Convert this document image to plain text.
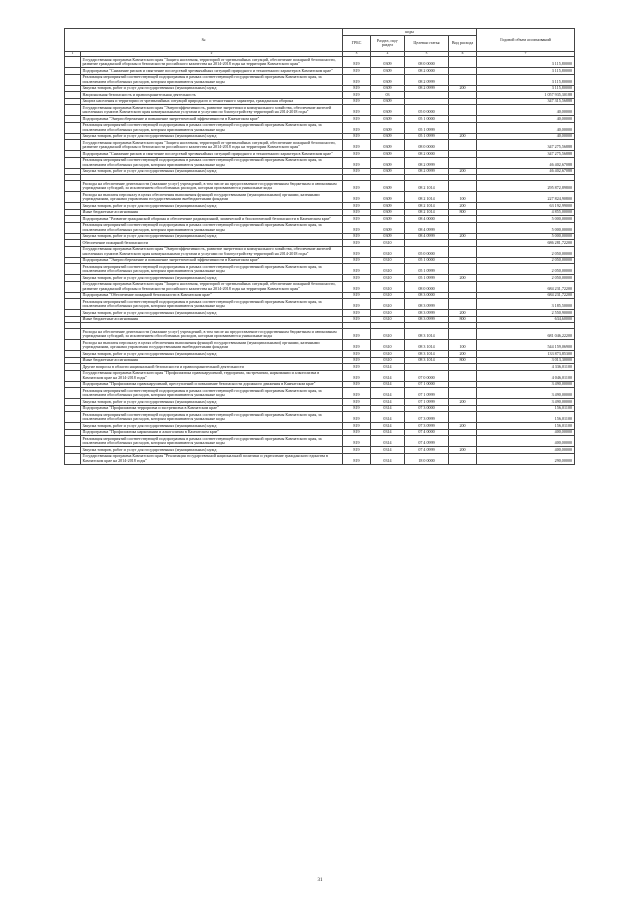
№		коды				Годовой объем ассигнований
		ГРБС	Раздел, под-раздел	Целевая статья	Вид расхода	
1	2	3	4	5	6	7
	Государственная программа Камчатского края "Защита населения, территорий от чрезвычайных ситуаций, обеспечение пожарной безопасности, развитие гражданской обороны и безопасности российского казачества на 2014-2018 годы на территории Камчатского края"	819	0309	08 0 0000		3 115,80000
	Подпрограмма "Снижение рисков и смягчение последствий чрезвычайных ситуаций природного и техногенного характера в Камчатском крае"	819	0309	08 2 0000		3 115,80000
	Реализация мероприятий соответствующей подпрограммы в рамках соответствующей государственной программы Камчатского края, за исключением обособленных расходов, которым присваиваются уникальные коды	819	0309	08 2 0999		3 115,80000
	Закупка товаров, работ и услуг для государственных (муниципальных) нужд	819	0309	08 2 0999	200	3 115,80000
	Национальная безопасность и правоохранительная деятельность	819	03			1 057 935,30188
	Защита населения и территории от чрезвычайных ситуаций природного и техногенного характера, гражданская оборона	819	0309			347 315,56888
	Государственная программа Камчатского края "Энергоэффективность, развитие энергетики и коммунального хозяйства, обеспечение жителей населенных пунктов Камчатского края коммунальными услугами и услугами по благоустройству территорий на 2014-2018 годы"	819	0309	05 0 0000		40,00000
	Подпрограмма "Энергосбережение и повышение энергетической эффективности в Камчатском крае"	819	0309	05 1 0000		40,00000
	Реализация мероприятий соответствующей подпрограммы в рамках соответствующей государственной программы Камчатского края, за исключением обособленных расходов, которым присваиваются уникальные коды	819	0309	05 1 0999		40,00000
	Закупка товаров, работ и услуг для государственных (муниципальных) нужд	819	0309	05 1 0999	200	40,00000
	Государственная программа Камчатского края "Защита населения, территорий от чрезвычайных ситуаций, обеспечение пожарной безопасности, развитие гражданской обороны и безопасности российского казачества на 2014-2018 годы на территории Камчатского края"	819	0309	08 0 0000		347 275,56888
	Подпрограмма "Снижение рисков и смягчение последствий чрезвычайных ситуаций природного и техногенного характера в Камчатском крае"	819	0309	08 2 0000		347 275,56888
	Реализация мероприятий соответствующей подпрограммы в рамках соответствующей государственной программы Камчатского края, за исключением обособленных расходов, которым присваиваются уникальные коды	819	0309	08 2 0999		46 402,67088
	Закупка товаров, работ и услуг для государственных (муниципальных) нужд	819	0309	08 2 0999	200	46 402,67088

	Расходы на обеспечение деятельности (оказание услуг) учреждений, в том числе на предоставление государственным бюджетным и автономным учреждениям субсидий, за исключением обособленных расходов, которым присваиваются уникальные коды	819	0309	08 2 1014		295 872,89800
	Расходы на выплаты персоналу в целях обеспечения выполнения функций государственными (муниципальными) органами, казенными учреждениями, органами управления государственными внебюджетными фондами	819	0309	08 2 1014	100	227 824,90800
	Закупка товаров, работ и услуг для государственных (муниципальных) нужд	819	0309	08 2 1014	200	63 192,99000
	Иные бюджетные ассигнования	819	0309	08 2 1014	800	4 855,00000
	Подпрограмма "Развитие гражданской обороны и обеспечение радиационной, химической и биологической безопасности в Камчатском крае"	819	0309	08 4 0000		5 000,00000
	Реализация мероприятий соответствующей подпрограммы в рамках соответствующей государственной программы Камчатского края, за исключением обособленных расходов, которым присваиваются уникальные коды	819	0309	08 4 0999		5 000,00000
	Закупка товаров, работ и услуг для государственных (муниципальных) нужд	819	0309	08 4 0999	200	5 000,00000
	Обеспечение пожарной безопасности	819	0310			686 281,72200
	Государственная программа Камчатского края "Энергоэффективность, развитие энергетики и коммунального хозяйства, обеспечение жителей населенных пунктов Камчатского края коммунальными услугами и услугами по благоустройству территорий на 2014-2018 годы"	819	0310	05 0 0000		2 050,00000
	Подпрограмма "Энергосбережение и повышение энергетической эффективности в Камчатском крае"	819	0310	05 1 0000		2 050,00000
	Реализация мероприятий соответствующей подпрограммы в рамках соответствующей государственной программы Камчатского края, за исключением обособленных расходов, которым присваиваются уникальные коды	819	0310	05 1 0999		2 050,00000
	Закупка товаров, работ и услуг для государственных (муниципальных) нужд	819	0310	05 1 0999	200	2 050,00000
	Государственная программа Камчатского края "Защита населения, территорий от чрезвычайных ситуаций, обеспечение пожарной безопасности, развитие гражданской обороны и безопасности российского казачества на 2014-2018 годы на территории Камчатского края"	819	0310	08 0 0000		684 231,72200
	Подпрограмма "Обеспечение пожарной безопасности в Камчатском крае"	819	0310	08 3 0000		684 231,72200
	Реализация мероприятий соответствующей подпрограммы в рамках соответствующей государственной программы Камчатского края, за исключением обособленных расходов, которым присваиваются уникальные коды	819	0310	08 3 0999		3 185,50000
	Закупка товаров, работ и услуг для государственных (муниципальных) нужд	819	0310	08 3 0999	200	2 550,90000
	Иные бюджетные ассигнования	819	0310	08 3 0999	800	634,60000

	Расходы на обеспечение деятельности (оказание услуг) учреждений, в том числе на предоставление государственным бюджетным и автономным учреждениям субсидий, за исключением обособленных расходов, которым присваиваются уникальные коды	819	0310	08 3 1014		681 046,22200
	Расходы на выплаты персоналу в целях обеспечения выполнения функций государственными (муниципальными) органами, казенными учреждениями, органами управления государственными внебюджетными фондами	819	0310	08 3 1014	100	544 159,06900
	Закупка товаров, работ и услуг для государственных (муниципальных) нужд	819	0310	08 3 1014	200	133 873,85300
	Иные бюджетные ассигнования	819	0310	08 3 1014	800	3 013,30000
	Другие вопросы в области национальной безопасности и правоохранительной деятельности	819	0314			4 336,01100
	Государственная программа Камчатского края "Профилактика правонарушений, терроризма, экстремизма, наркомании и алкоголизма в Камчатском крае на 2014-2018 годы"	819	0314	07 0 0000		4 046,01100
	Подпрограмма "Профилактика правонарушений, преступлений и повышение безопасности дорожного движения в Камчатском крае"	819	0314	07 1 0000		3 490,00000
	Реализация мероприятий соответствующей подпрограммы в рамках соответствующей государственной программы Камчатского края, за исключением обособленных расходов, которым присваиваются уникальные коды	819	0314	07 1 0999		3 490,00000
	Закупка товаров, работ и услуг для государственных (муниципальных) нужд	819	0314	07 1 0999	200	3 490,00000
	Подпрограмма "Профилактика терроризма и экстремизма в Камчатском крае"	819	0314	07 3 0000		156,01100
	Реализация мероприятий соответствующей подпрограммы в рамках соответствующей государственной программы Камчатского края, за исключением обособленных расходов, которым присваиваются уникальные коды	819	0314	07 3 0999		156,01100
	Закупка товаров, работ и услуг для государственных (муниципальных) нужд	819	0314	07 3 0999	200	156,01100
	Подпрограмма "Профилактика наркомании и алкоголизма в Камчатском крае"	819	0314	07 4 0000		400,00000
	Реализация мероприятий соответствующей подпрограммы в рамках соответствующей государственной программы Камчатского края, за исключением обособленных расходов, которым присваиваются уникальные коды	819	0314	07 4 0999		400,00000
	Закупка товаров, работ и услуг для государственных (муниципальных) нужд	819	0314	07 4 0999	200	400,00000
	Государственная программа Камчатского края "Реализация государственной национальной политики и укрепление гражданского единства в Камчатском крае на 2014-2018 годы"	819	0314	18 0 0000		290,00000
31
